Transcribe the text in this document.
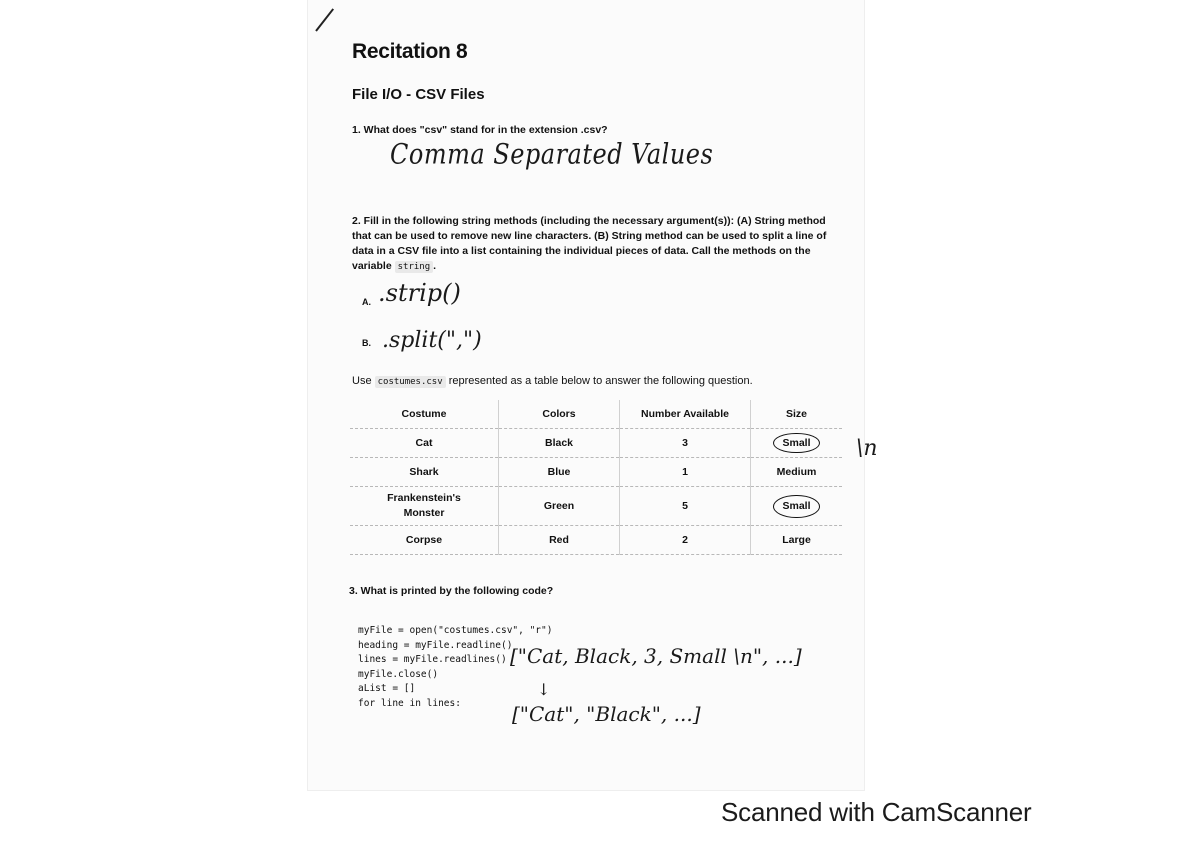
Recitation 8
File I/O - CSV Files
1. What does "csv" stand for in the extension .csv?
Comma Separated Values
2. Fill in the following string methods (including the necessary argument(s)): (A) String method that can be used to remove new line characters. (B) String method can be used to split a line of data in a CSV file into a list containing the individual pieces of data. Call the methods on the variable string .
A. .strip()
B. .split(",")
Use costumes.csv represented as a table below to answer the following question.
Costume	Colors	Number Available	Size
Cat	Black	3	Small
Shark	Blue	1	Medium
Frankenstein's
Monster	Green	5	Small
Corpse	Red	2	Large
\n
3. What is printed by the following code?
myFile = open("costumes.csv", "r")
heading = myFile.readline()
lines = myFile.readlines()
myFile.close()
aList = []
for line in lines:
["Cat, Black, 3, Small \n", ...]
↓
["Cat", "Black", ...]
Scanned with CamScanner
